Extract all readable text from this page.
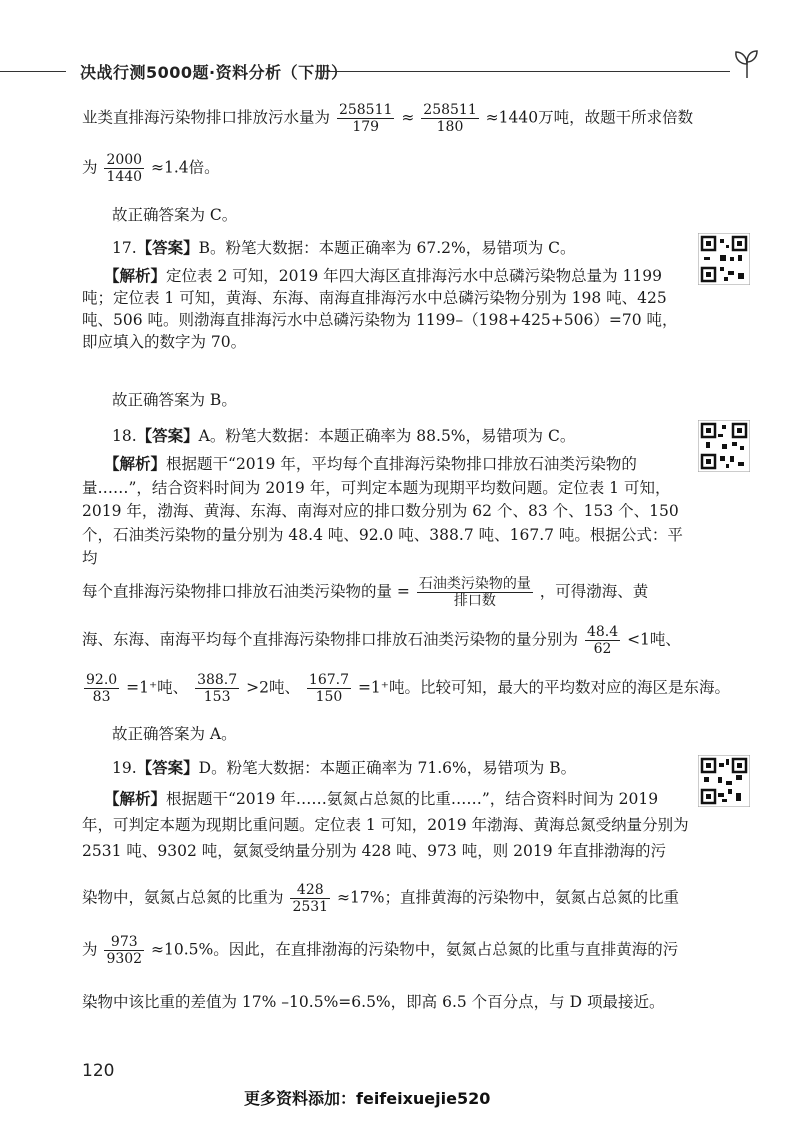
决战行测5000题·资料分析（下册）
业类直排海污染物排口排放污水量为 $\frac{258511}{179} \approx \frac{258511}{180} \approx 1440$万吨，故题干所求倍数
为 $\frac{2000}{1440} \approx 1.4$倍。
故正确答案为 C。
17.【答案】B。粉笔大数据：本题正确率为 67.2%，易错项为 C。
【解析】定位表 2 可知，2019 年四大海区直排海污水中总磷污染物总量为 1199 吨；定位表 1 可知，黄海、东海、南海直排海污水中总磷污染物分别为 198 吨、425 吨、506 吨。则渤海直排海污水中总磷污染物为 1199–（198+425+506）=70 吨，即应填入的数字为 70。
故正确答案为 B。
18.【答案】A。粉笔大数据：本题正确率为 88.5%，易错项为 C。
【解析】根据题干“2019 年，平均每个直排海污染物排口排放石油类污染物的量……”，结合资料时间为 2019 年，可判定本题为现期平均数问题。定位表 1 可知，2019 年，渤海、黄海、东海、南海对应的排口数分别为 62 个、83 个、153 个、150 个，石油类污染物的量分别为 48.4 吨、92.0 吨、388.7 吨、167.7 吨。根据公式：平均
每个直排海污染物排口排放石油类污染物的量 = $\frac{\text{石油类污染物的量}}{\text{排口数}}$ ，可得渤海、黄
海、东海、南海平均每个直排海污染物排口排放石油类污染物的量分别为 $\frac{48.4}{62} <1$吨、
$\frac{92.0}{83} =1^+$吨、 $\frac{388.7}{153} >2$吨、 $\frac{167.7}{150} =1^+$吨。比较可知，最大的平均数对应的海区是东海。
故正确答案为 A。
19.【答案】D。粉笔大数据：本题正确率为 71.6%，易错项为 B。
【解析】根据题干“2019 年……氨氮占总氮的比重……”，结合资料时间为 2019 年，可判定本题为现期比重问题。定位表 1 可知，2019 年渤海、黄海总氮受纳量分别为 2531 吨、9302 吨，氨氮受纳量分别为 428 吨、973 吨，则 2019 年直排渤海的污
染物中，氨氮占总氮的比重为 $\frac{428}{2531} \approx 17\%$；直排黄海的污染物中，氨氮占总氮的比重
为 $\frac{973}{9302} \approx 10.5\%$。因此，在直排渤海的污染物中，氨氮占总氮的比重与直排黄海的污
染物中该比重的差值为 17% –10.5%=6.5%，即高 6.5 个百分点，与 D 项最接近。
120
更多资料添加：feifeixuejie520
